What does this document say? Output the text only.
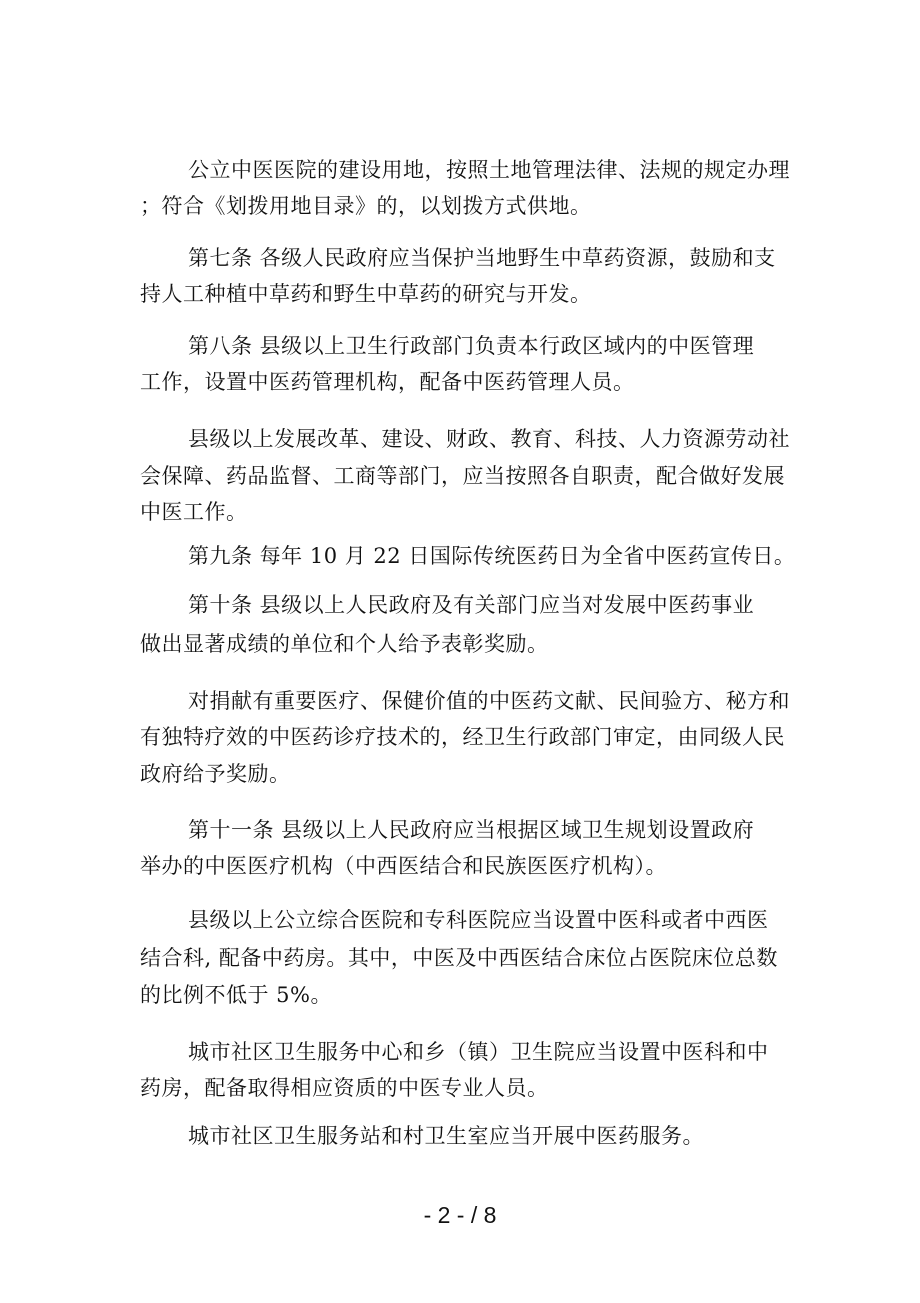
公立中医医院的建设用地，按照土地管理法律、法规的规定办理
；符合《划拨用地目录》的，以划拨方式供地。
第七条 各级人民政府应当保护当地野生中草药资源，鼓励和支
持人工种植中草药和野生中草药的研究与开发。
第八条 县级以上卫生行政部门负责本行政区域内的中医管理
工作，设置中医药管理机构，配备中医药管理人员。
县级以上发展改革、建设、财政、教育、科技、人力资源劳动社
会保障、药品监督、工商等部门，应当按照各自职责，配合做好发展
中医工作。
第九条 每年 10 月 22 日国际传统医药日为全省中医药宣传日。
第十条 县级以上人民政府及有关部门应当对发展中医药事业
做出显著成绩的单位和个人给予表彰奖励。
对捐献有重要医疗、保健价值的中医药文献、民间验方、秘方和
有独特疗效的中医药诊疗技术的，经卫生行政部门审定，由同级人民
政府给予奖励。
第十一条 县级以上人民政府应当根据区域卫生规划设置政府
举办的中医医疗机构（中西医结合和民族医医疗机构）。
县级以上公立综合医院和专科医院应当设置中医科或者中西医
结合科, 配备中药房。其中，中医及中西医结合床位占医院床位总数
的比例不低于 5%。
城市社区卫生服务中心和乡（镇）卫生院应当设置中医科和中
药房，配备取得相应资质的中医专业人员。
城市社区卫生服务站和村卫生室应当开展中医药服务。
- 2 - / 8
